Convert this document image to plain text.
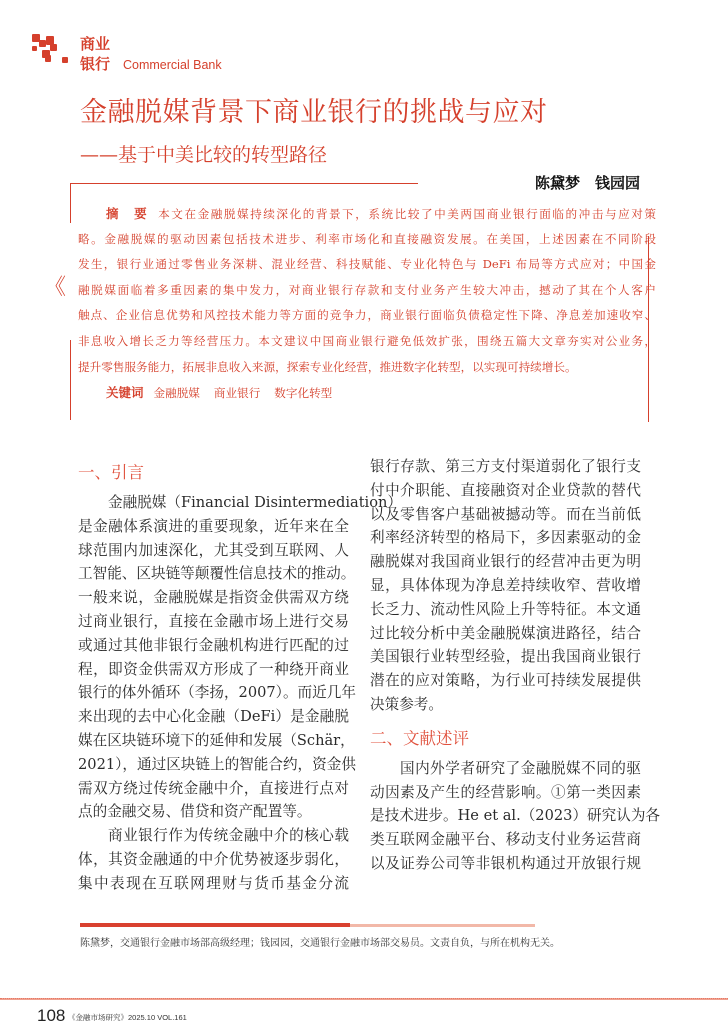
商业
银行 Commercial Bank
金融脱媒背景下商业银行的挑战与应对
——基于中美比较的转型路径
陈黛梦　钱园园
《
摘　要 本文在金融脱媒持续深化的背景下，系统比较了中美两国商业银行面临的冲击与应对策
略。金融脱媒的驱动因素包括技术进步、利率市场化和直接融资发展。在美国，上述因素在不同阶段
发生，银行业通过零售业务深耕、混业经营、科技赋能、专业化特色与 DeFi 布局等方式应对；中国金
融脱媒面临着多重因素的集中发力，对商业银行存款和支付业务产生较大冲击，撼动了其在个人客户
触点、企业信息优势和风控技术能力等方面的竞争力，商业银行面临负债稳定性下降、净息差加速收窄、
非息收入增长乏力等经营压力。本文建议中国商业银行避免低效扩张，围绕五篇大文章夯实对公业务，
提升零售服务能力，拓展非息收入来源，探索专业化经营，推进数字化转型，以实现可持续增长。
关键词 金融脱媒 商业银行 数字化转型
一、引言
金融脱媒（Financial Disintermediation）
是金融体系演进的重要现象，近年来在全
球范围内加速深化，尤其受到互联网、人
工智能、区块链等颠覆性信息技术的推动。
一般来说，金融脱媒是指资金供需双方绕
过商业银行，直接在金融市场上进行交易
或通过其他非银行金融机构进行匹配的过
程，即资金供需双方形成了一种绕开商业
银行的体外循环（李扬，2007）。而近几年
来出现的去中心化金融（DeFi）是金融脱
媒在区块链环境下的延伸和发展（Schär，
2021），通过区块链上的智能合约，资金供
需双方绕过传统金融中介，直接进行点对
点的金融交易、借贷和资产配置等。
商业银行作为传统金融中介的核心载
体，其资金融通的中介优势被逐步弱化，
集中表现在互联网理财与货币基金分流
银行存款、第三方支付渠道弱化了银行支
付中介职能、直接融资对企业贷款的替代
以及零售客户基础被撼动等。而在当前低
利率经济转型的格局下，多因素驱动的金
融脱媒对我国商业银行的经营冲击更为明
显，具体体现为净息差持续收窄、营收增
长乏力、流动性风险上升等特征。本文通
过比较分析中美金融脱媒演进路径，结合
美国银行业转型经验，提出我国商业银行
潜在的应对策略，为行业可持续发展提供
决策参考。
二、文献述评
国内外学者研究了金融脱媒不同的驱
动因素及产生的经营影响。①第一类因素
是技术进步。He et al.（2023）研究认为各
类互联网金融平台、移动支付业务运营商
以及证券公司等非银机构通过开放银行规
陈黛梦，交通银行金融市场部高级经理；钱园园，交通银行金融市场部交易员。文责自负，与所在机构无关。
108 《金融市场研究》2025.10 VOL.161
